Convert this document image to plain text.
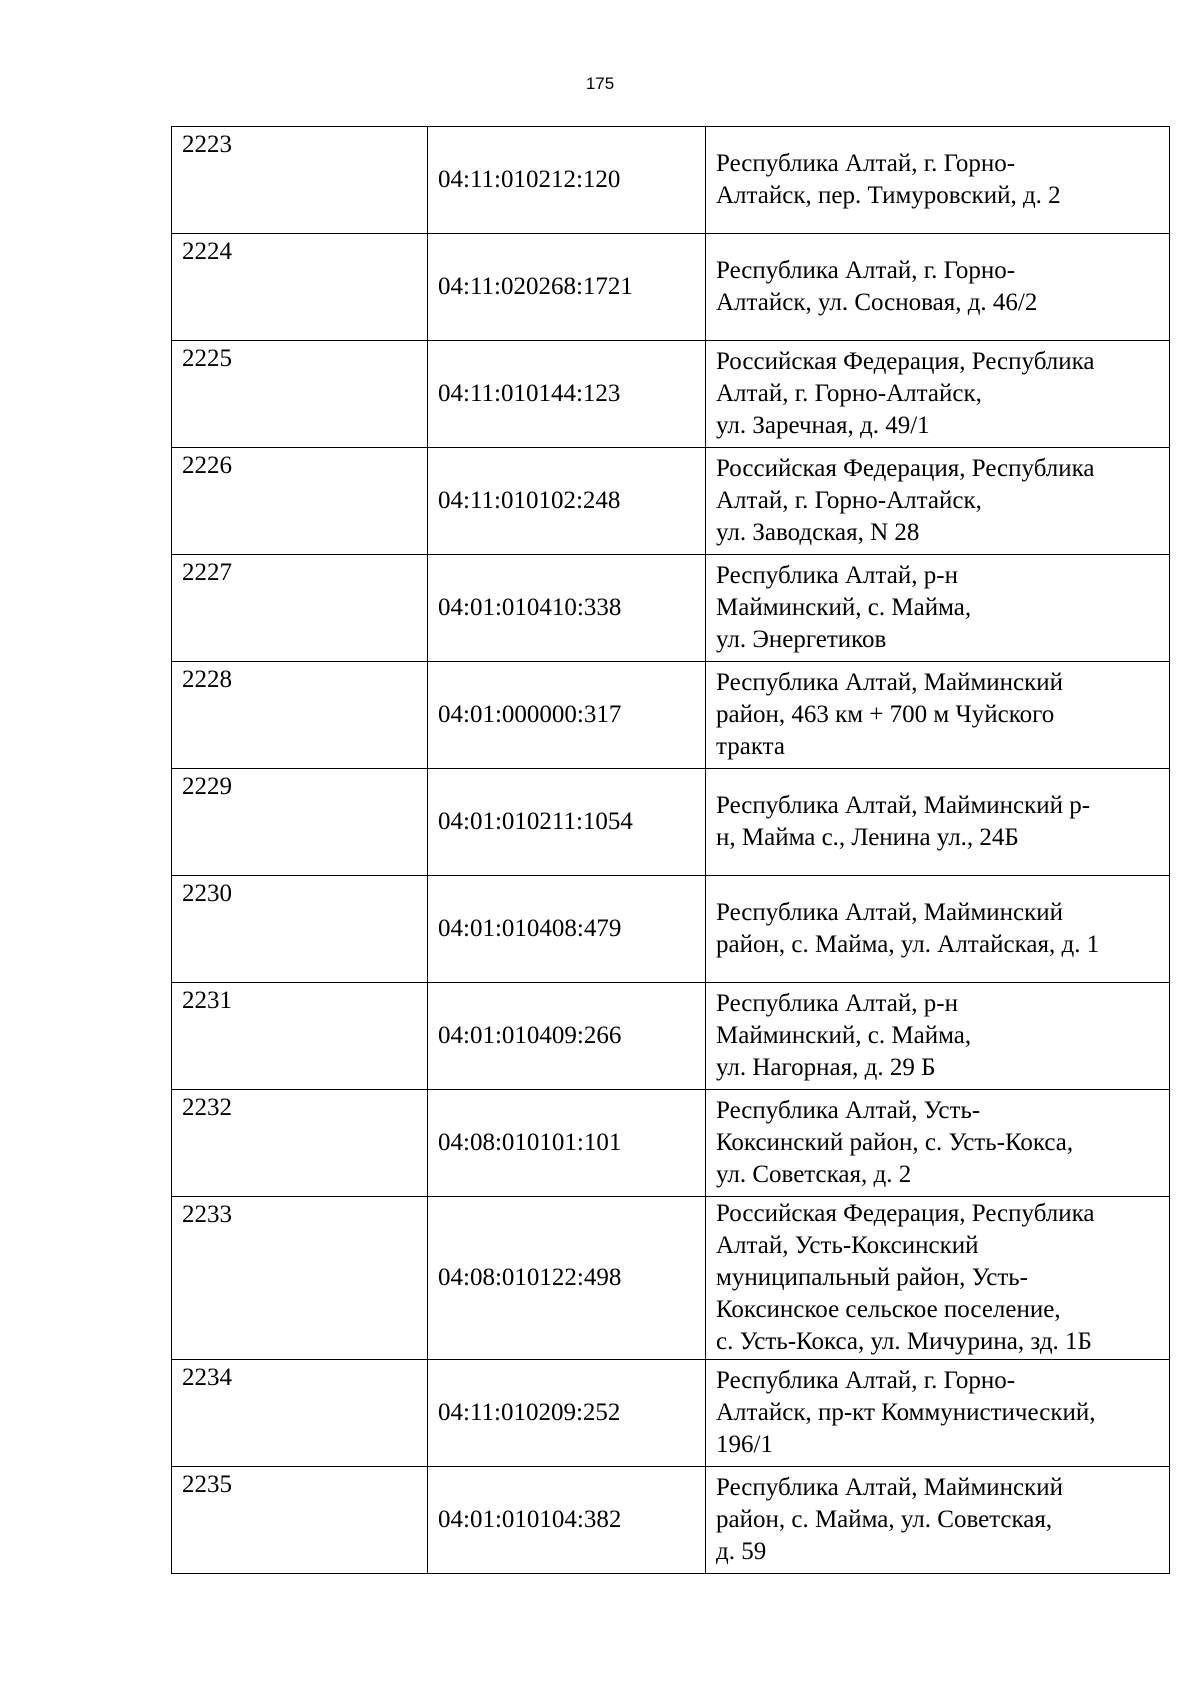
175
2223	04:11:010212:120	Республика Алтай, г. Горно-
Алтайск, пер. Тимуровский, д. 2

2224	04:11:020268:1721	Республика Алтай, г. Горно-
Алтайск, ул. Сосновая, д. 46/2

2225	04:11:010144:123	Российская Федерация, Республика
Алтай, г. Горно-Алтайск,
ул. Заречная, д. 49/1

2226	04:11:010102:248	Российская Федерация, Республика
Алтай, г. Горно-Алтайск,
ул. Заводская, N 28

2227	04:01:010410:338	Республика Алтай, р-н
Майминский, с. Майма,
ул. Энергетиков

2228	04:01:000000:317	Республика Алтай, Майминский
район, 463 км + 700 м Чуйского
тракта

2229	04:01:010211:1054	Республика Алтай, Майминский р-
н, Майма с., Ленина ул., 24Б

2230	04:01:010408:479	Республика Алтай, Майминский
район, с. Майма, ул. Алтайская, д. 1

2231	04:01:010409:266	Республика Алтай, р-н
Майминский, с. Майма,
ул. Нагорная, д. 29 Б

2232	04:08:010101:101	Республика Алтай, Усть-
Коксинский район, с. Усть-Кокса,
ул. Советская, д. 2

2233	04:08:010122:498	Российская Федерация, Республика
Алтай, Усть-Коксинский
муниципальный район, Усть-
Коксинское сельское поселение,
с. Усть-Кокса, ул. Мичурина, зд. 1Б

2234	04:11:010209:252	Республика Алтай, г. Горно-
Алтайск, пр-кт Коммунистический,
196/1

2235	04:01:010104:382	Республика Алтай, Майминский
район, с. Майма, ул. Советская,
д. 59
